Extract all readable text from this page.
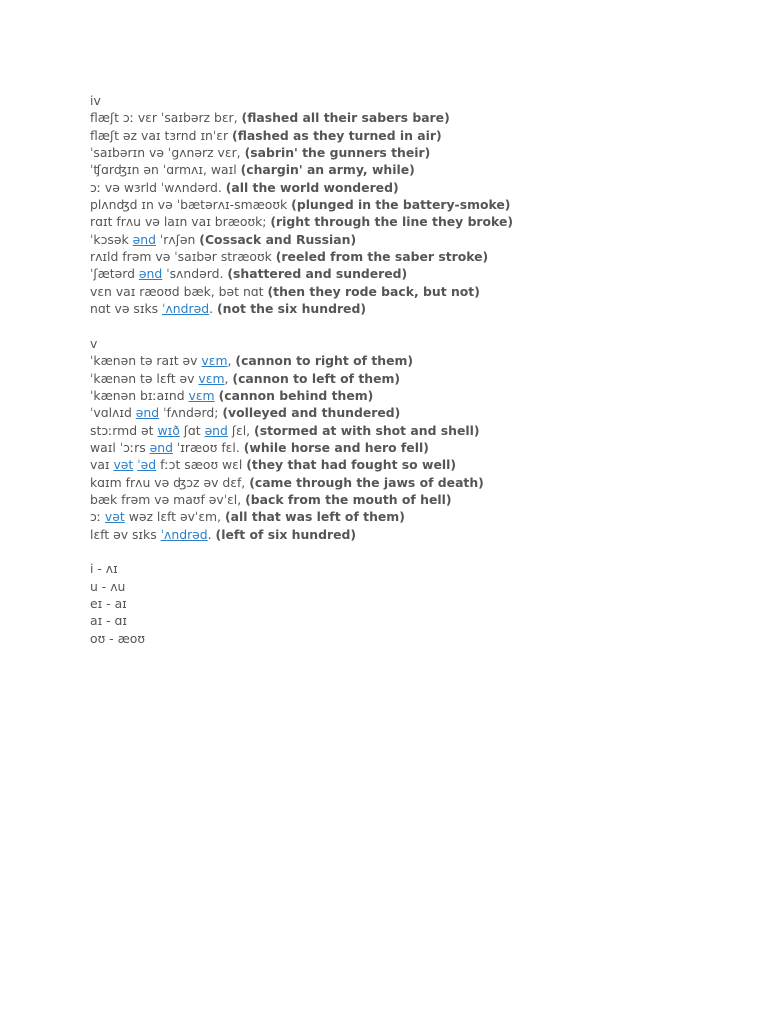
iv
flæʃt ɔː vɛr ˈsaɪbərz bɛr, (flashed all their sabers bare)
flæʃt əz vaɪ tɜrnd ɪnˈɛr (flashed as they turned in air)
ˈsaɪbərɪn və ˈgʌnərz vɛr, (sabrin' the gunners their)
ˈʧɑrʤɪn ən ˈɑrmʌɪ, waɪl (chargin' an army, while)
ɔː və wɜrld ˈwʌndərd. (all the world wondered)
plʌnʤd ɪn və ˈbætərʌɪ-smæoʊk (plunged in the battery-smoke)
rɑɪt frʌu və laɪn vaɪ bræoʊk; (right through the line they broke)
ˈkɔsək ənd ˈrʌʃən (Cossack and Russian)
rʌɪld frəm və ˈsaɪbər stræoʊk (reeled from the saber stroke)
ˈʃætərd ənd ˈsʌndərd. (shattered and sundered)
vɛn vaɪ ræoʊd bæk, bət nɑt (then they rode back, but not)
nɑt və sɪks ˈʌndrəd. (not the six hundred)
v
ˈkænən tə raɪt əv vɛm, (cannon to right of them)
ˈkænən tə lɛft əv vɛm, (cannon to left of them)
ˈkænən bɪːaɪnd vɛm (cannon behind them)
ˈvɑlʌɪd ənd ˈfʌndərd; (volleyed and thundered)
stɔːrmd ət wɪð ʃɑt ənd ʃɛl, (stormed at with shot and shell)
waɪl ˈɔːrs ənd ˈɪræoʊ fɛl. (while horse and hero fell)
vaɪ vət ˈəd fːɔt sæoʊ wɛl (they that had fought so well)
kɑɪm frʌu və ʤɔz əv dɛf, (came through the jaws of death)
bæk frəm və maʊf əvˈɛl, (back from the mouth of hell)
ɔː vət wəz lɛft əvˈɛm, (all that was left of them)
lɛft əv sɪks ˈʌndrəd. (left of six hundred)
i - ʌɪ
u - ʌu
eɪ - aɪ
aɪ - ɑɪ
oʊ - æoʊ
